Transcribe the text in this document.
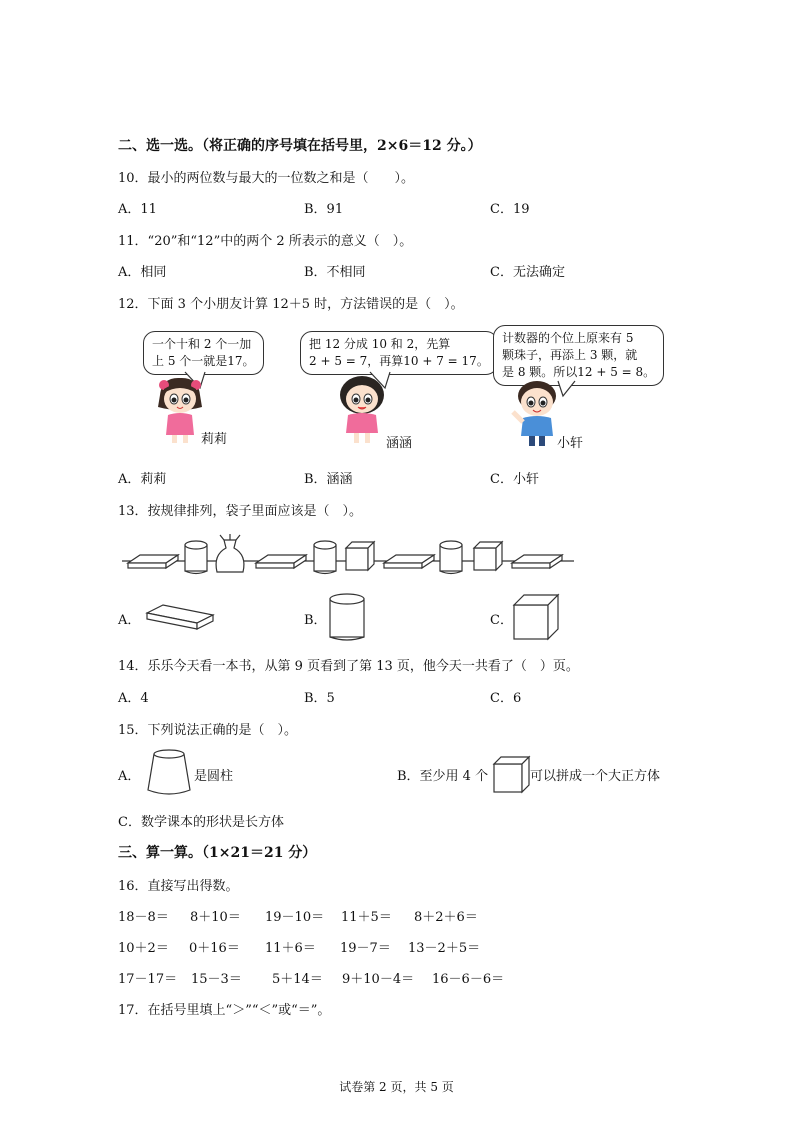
二、选一选。（将正确的序号填在括号里，2×6＝12 分。）
10．最小的两位数与最大的一位数之和是（　　）。
A．11	B．91	C．19
11．“20”和“12”中的两个 2 所表示的意义（　）。
A．相同	B．不相同	C．无法确定
12．下面 3 个小朋友计算 12＋5 时，方法错误的是（　）。
一个十和 2 个一加
上 5 个一就是17。
把 12 分成 10 和 2，先算
2 + 5 = 7，再算10 + 7 = 17。
计数器的个位上原来有 5
颗珠子，再添上 3 颗，就
是 8 颗。所以12 + 5 = 8。
莉莉	涵涵	小轩
A．莉莉	B．涵涵	C．小轩
13．按规律排列，袋子里面应该是（　）。
A．	B．	C．
14．乐乐今天看一本书，从第 9 页看到了第 13 页，他今天一共看了（　）页。
A．4	B．5	C．6
15．下列说法正确的是（　）。
A．	是圆柱	B．至少用 4 个	可以拼成一个大正方体
C．数学课本的形状是长方体
三、算一算。（1×21＝21 分）
16．直接写出得数。
18－8＝ 8＋10＝ 19－10＝ 11＋5＝ 8＋2＋6＝
10＋2＝ 0＋16＝ 11＋6＝ 19－7＝ 13－2＋5＝
17－17＝ 15－3＝ 5＋14＝ 9＋10－4＝ 16－6－6＝
17．在括号里填上“＞”“＜”或“＝”。
试卷第 2 页，共 5 页
